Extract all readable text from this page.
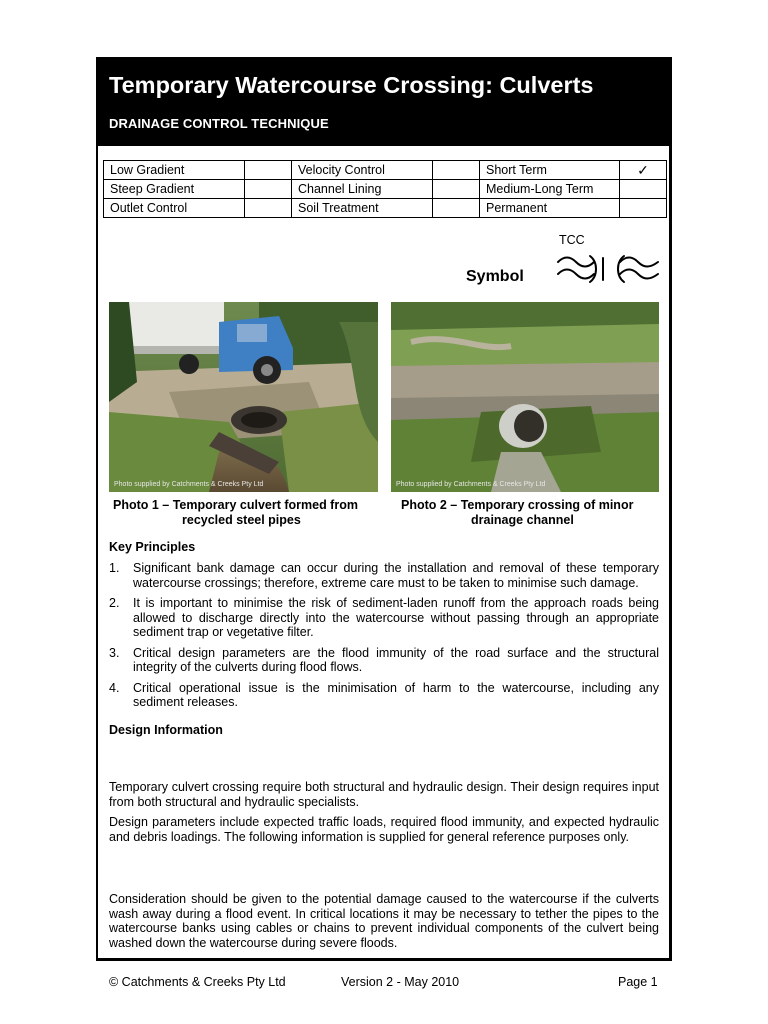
Temporary Watercourse Crossing: Culverts
DRAINAGE CONTROL TECHNIQUE
Low Gradient		Velocity Control		Short Term	✓
Steep Gradient		Channel Lining		Medium-Long Term	
Outlet Control		Soil Treatment		Permanent	
TCC
Symbol
Photo supplied by Catchments & Creeks Pty Ltd	Photo supplied by Catchments & Creeks Pty Ltd
Photo 1 – Temporary culvert formed from
recycled steel pipes
Photo 2 – Temporary crossing of minor
drainage channel
Key Principles
1. Significant bank damage can occur during the installation and removal of these temporary watercourse crossings; therefore, extreme care must to be taken to minimise such damage.
2. It is important to minimise the risk of sediment-laden runoff from the approach roads being allowed to discharge directly into the watercourse without passing through an appropriate sediment trap or vegetative filter.
3. Critical design parameters are the flood immunity of the road surface and the structural integrity of the culverts during flood flows.
4. Critical operational issue is the minimisation of harm to the watercourse, including any sediment releases.
Design Information

Temporary culvert crossing require both structural and hydraulic design. Their design requires input from both structural and hydraulic specialists.

Design parameters include expected traffic loads, required flood immunity, and expected hydraulic and debris loadings. The following information is supplied for general reference purposes only.

Consideration should be given to the potential damage caused to the watercourse if the culverts wash away during a flood event. In critical locations it may be necessary to tether the pipes to the watercourse banks using cables or chains to prevent individual components of the culvert being washed down the watercourse during severe floods.

© Catchments & Creeks Pty Ltd	Version 2 - May 2010	Page 1
